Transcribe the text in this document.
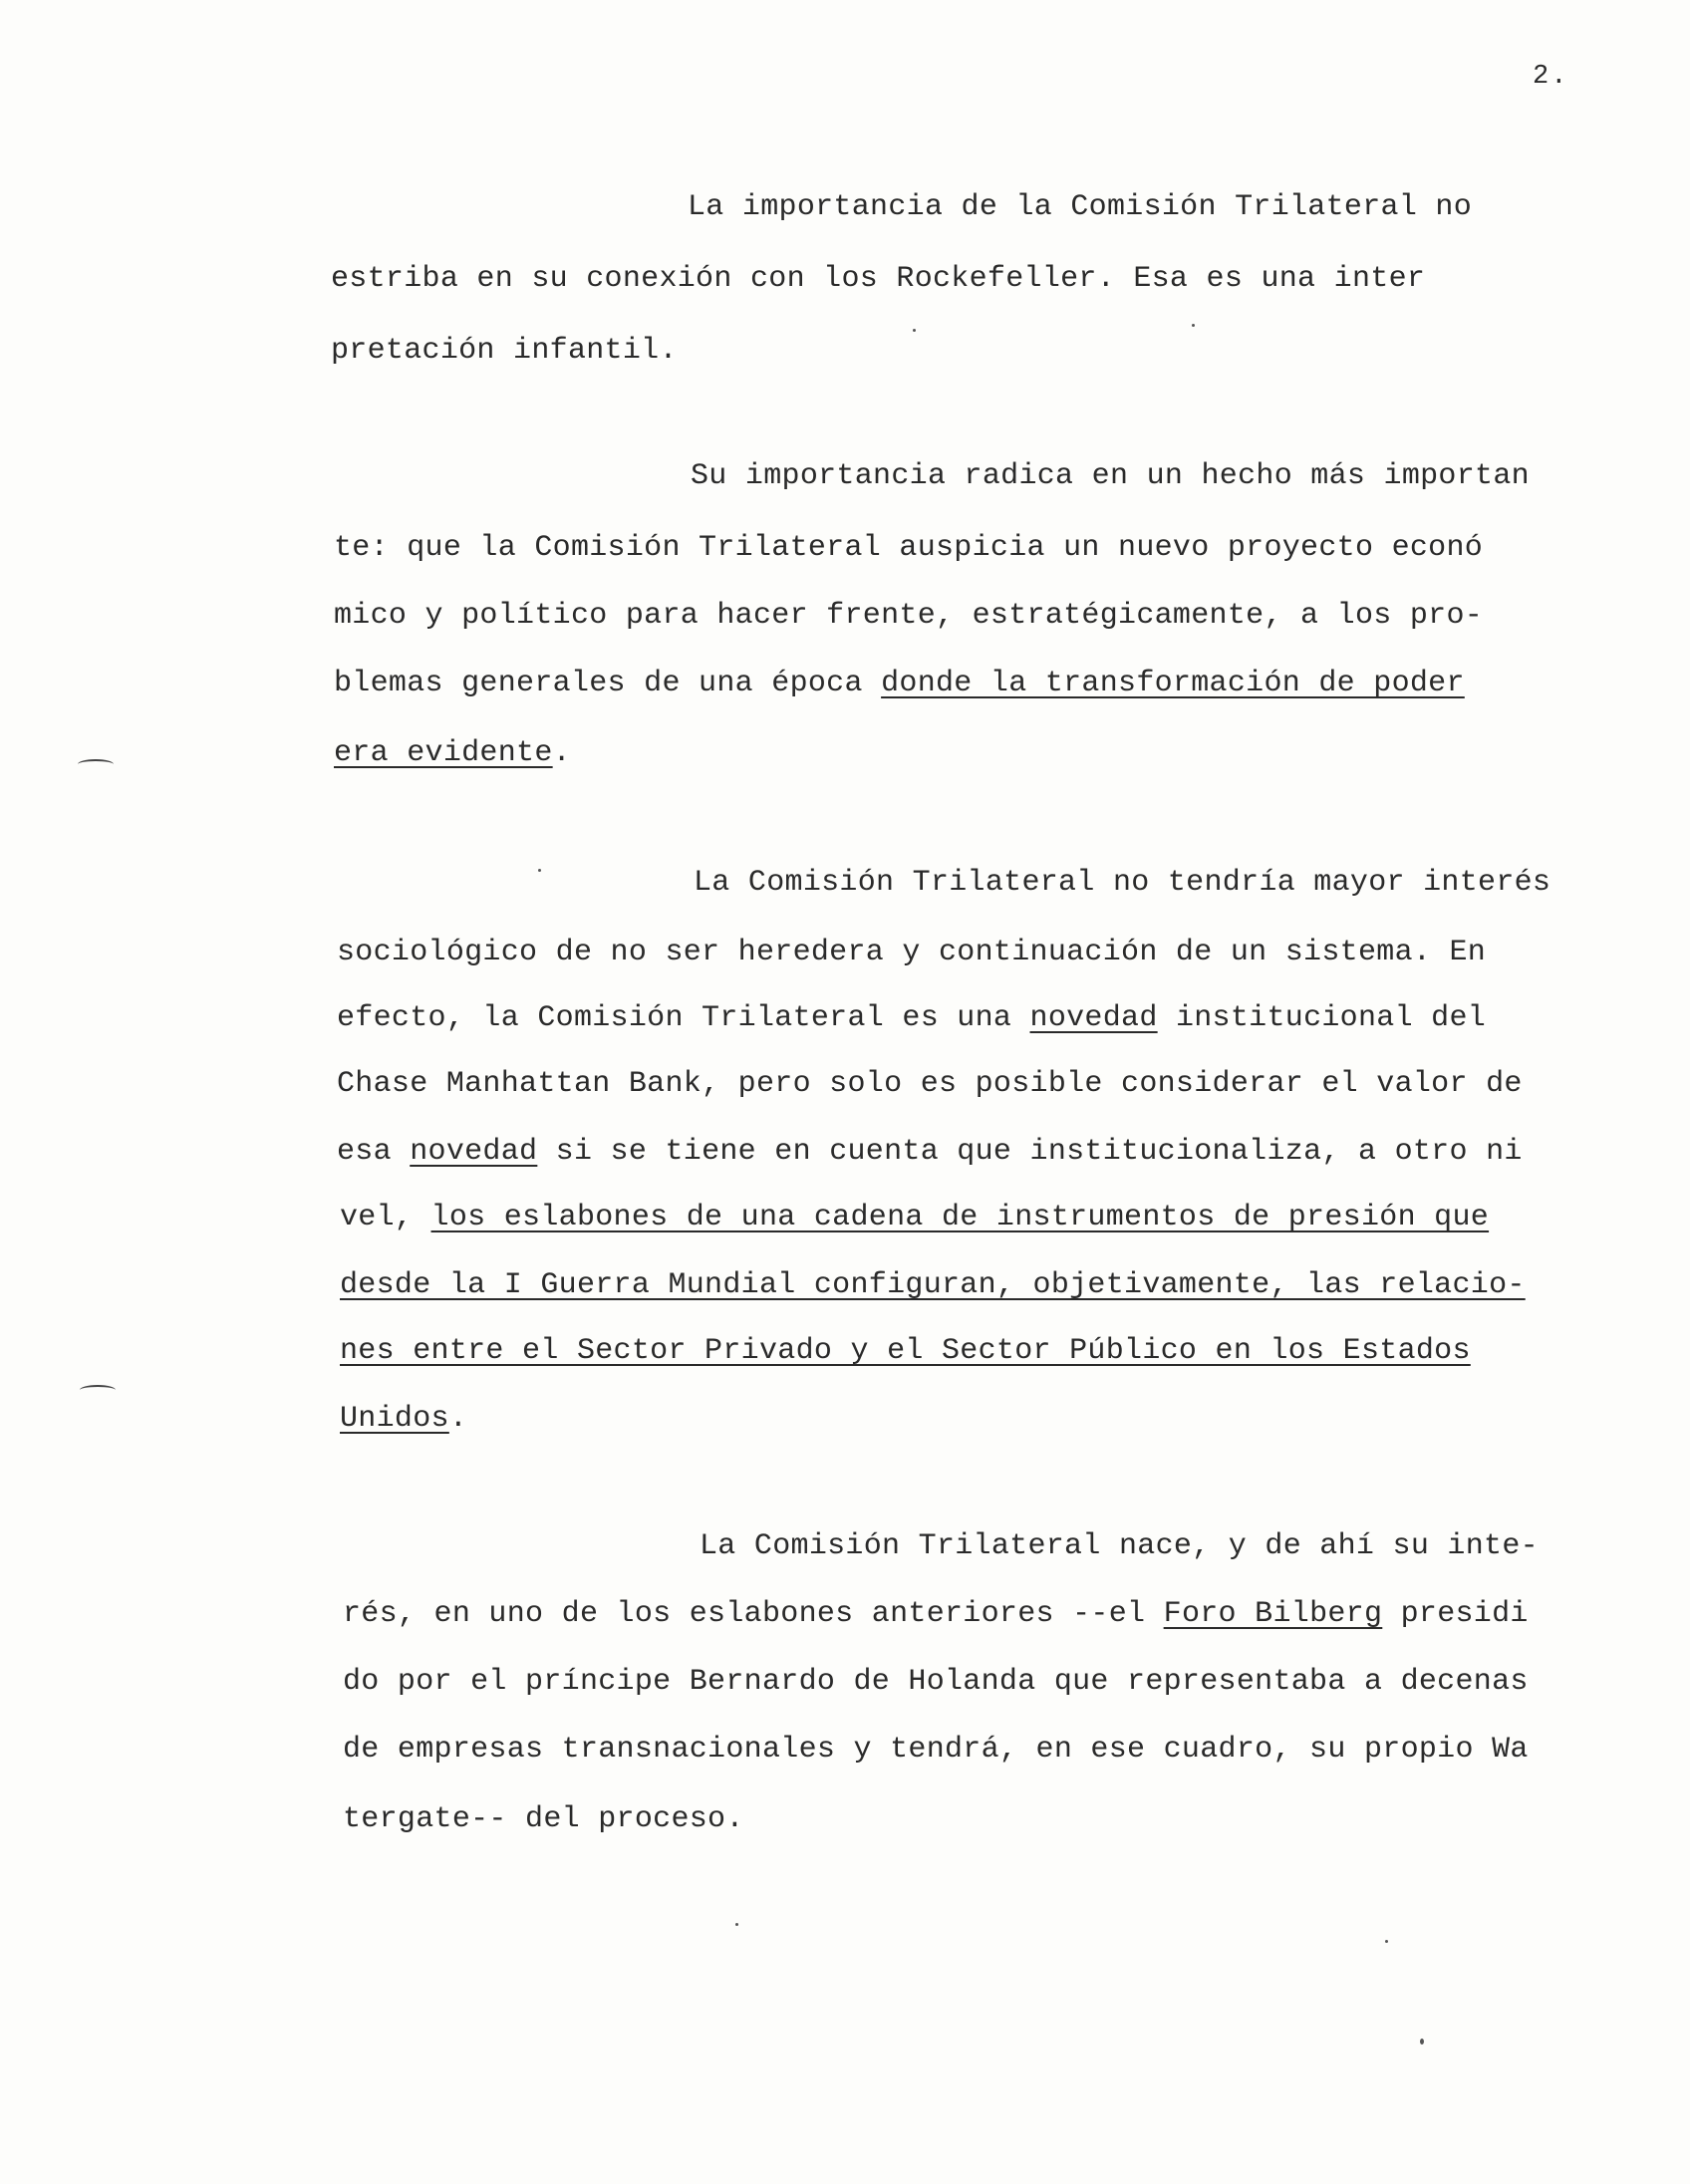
2.
La importancia de la Comisión Trilateral no
estriba en su conexión con los Rockefeller. Esa es una inter
pretación infantil.
Su importancia radica en un hecho más importan
te: que la Comisión Trilateral auspicia un nuevo proyecto econó
mico y político para hacer frente, estratégicamente, a los pro-
blemas generales de una época donde la transformación de poder
era evidente.
La Comisión Trilateral no tendría mayor interés
sociológico de no ser heredera y continuación de un sistema. En
efecto, la Comisión Trilateral es una novedad institucional del
Chase Manhattan Bank, pero solo es posible considerar el valor de
esa novedad si se tiene en cuenta que institucionaliza, a otro ni
vel, los eslabones de una cadena de instrumentos de presión que
desde la I Guerra Mundial configuran, objetivamente, las relacio-
nes entre el Sector Privado y el Sector Público en los Estados
Unidos.
La Comisión Trilateral nace, y de ahí su inte-
rés, en uno de los eslabones anteriores --el Foro Bilberg presidi
do por el príncipe Bernardo de Holanda que representaba a decenas
de empresas transnacionales y tendrá, en ese cuadro, su propio Wa
tergate-- del proceso.
